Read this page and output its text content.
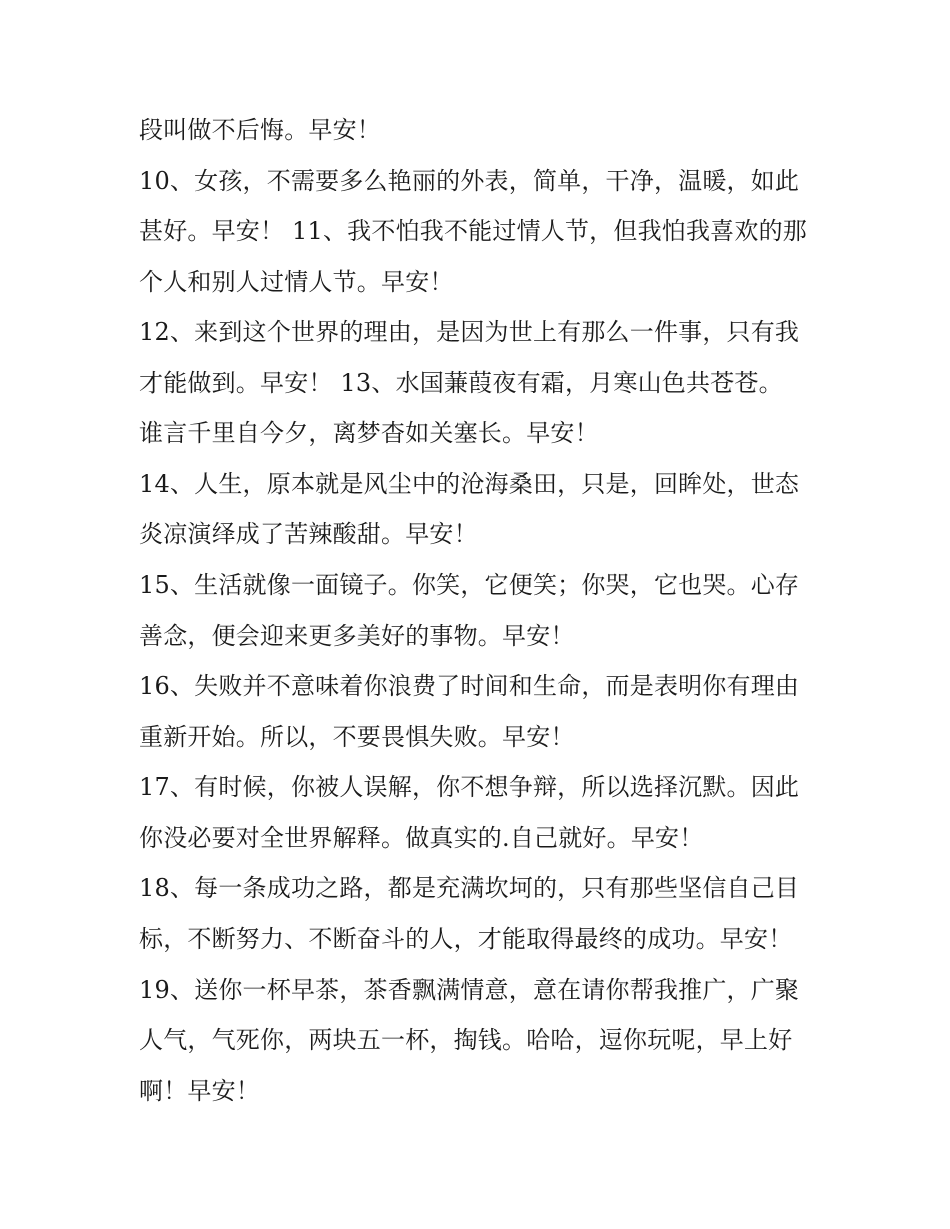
段叫做不后悔。早安！
10、女孩，不需要多么艳丽的外表，简单，干净，温暖，如此
甚好。早安！ 11、我不怕我不能过情人节，但我怕我喜欢的那
个人和别人过情人节。早安！
12、来到这个世界的理由，是因为世上有那么一件事，只有我
才能做到。早安！ 13、水国蒹葭夜有霜，月寒山色共苍苍。
谁言千里自今夕，离梦杳如关塞长。早安！
14、人生，原本就是风尘中的沧海桑田，只是，回眸处，世态
炎凉演绎成了苦辣酸甜。早安！
15、生活就像一面镜子。你笑，它便笑；你哭，它也哭。心存
善念，便会迎来更多美好的事物。早安！
16、失败并不意味着你浪费了时间和生命，而是表明你有理由
重新开始。所以，不要畏惧失败。早安！
17、有时候，你被人误解，你不想争辩，所以选择沉默。因此
你没必要对全世界解释。做真实的.自己就好。早安！
18、每一条成功之路，都是充满坎坷的，只有那些坚信自己目
标，不断努力、不断奋斗的人，才能取得最终的成功。早安！
19、送你一杯早茶，茶香飘满情意，意在请你帮我推广，广聚
人气，气死你，两块五一杯，掏钱。哈哈，逗你玩呢，早上好
啊！早安！
